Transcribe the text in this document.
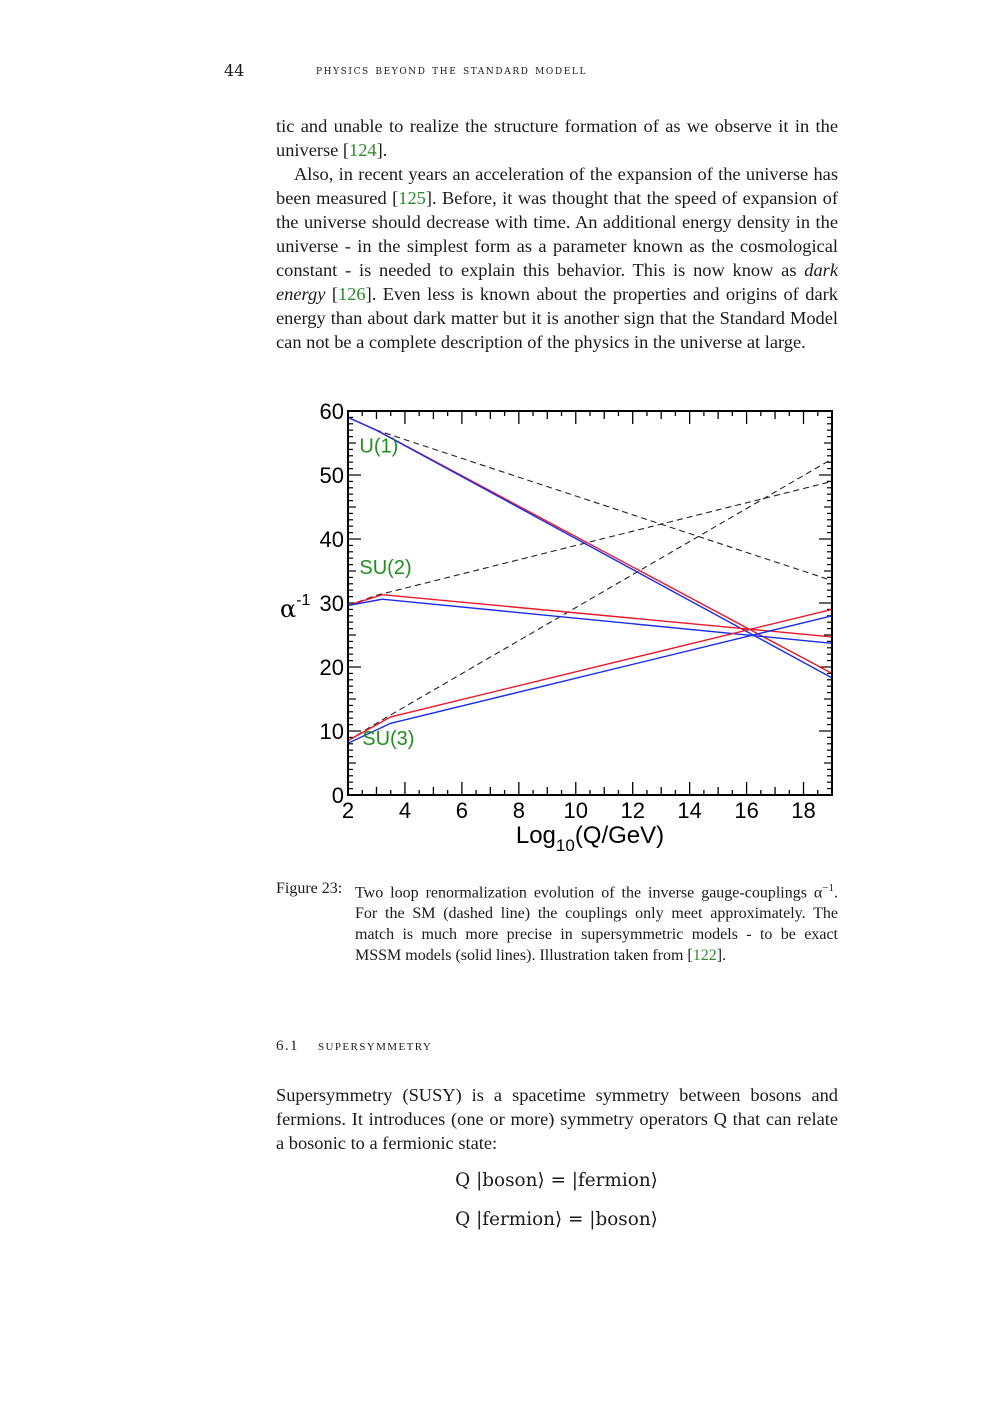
44	physics beyond the standard modell

tic and unable to realize the structure formation of as we observe it in the universe [124].

Also, in recent years an acceleration of the expansion of the universe has been measured [125]. Before, it was thought that the speed of expansion of the universe should decrease with time. An additional energy density in the universe - in the simplest form as a parameter known as the cosmological constant - is needed to explain this behavior. This is now know as dark energy [126]. Even less is known about the properties and origins of dark energy than about dark matter but it is another sign that the Standard Model can not be a complete description of the physics in the universe at large.

2 4 6 8 10 12 14 16 18
0
10
20
30
40
50
60
Log$_{10}$(Q/GeV)
$\alpha^{-1}$
U(1)
SU(2)
SU(3)
Figure 23: Two loop renormalization evolution of the inverse gauge-couplings $\alpha^{-1}$. For the SM (dashed line) the couplings only meet approximately. The match is much more precise in supersymmetric models - to be exact MSSM models (solid lines). Illustration taken from [122].
6.1 supersymmetry

Supersymmetry (SUSY) is a spacetime symmetry between bosons and fermions. It introduces (one or more) symmetry operators Q that can relate a bosonic to a fermionic state:

Q |boson⟩ = |fermion⟩
Q |fermion⟩ = |boson⟩
